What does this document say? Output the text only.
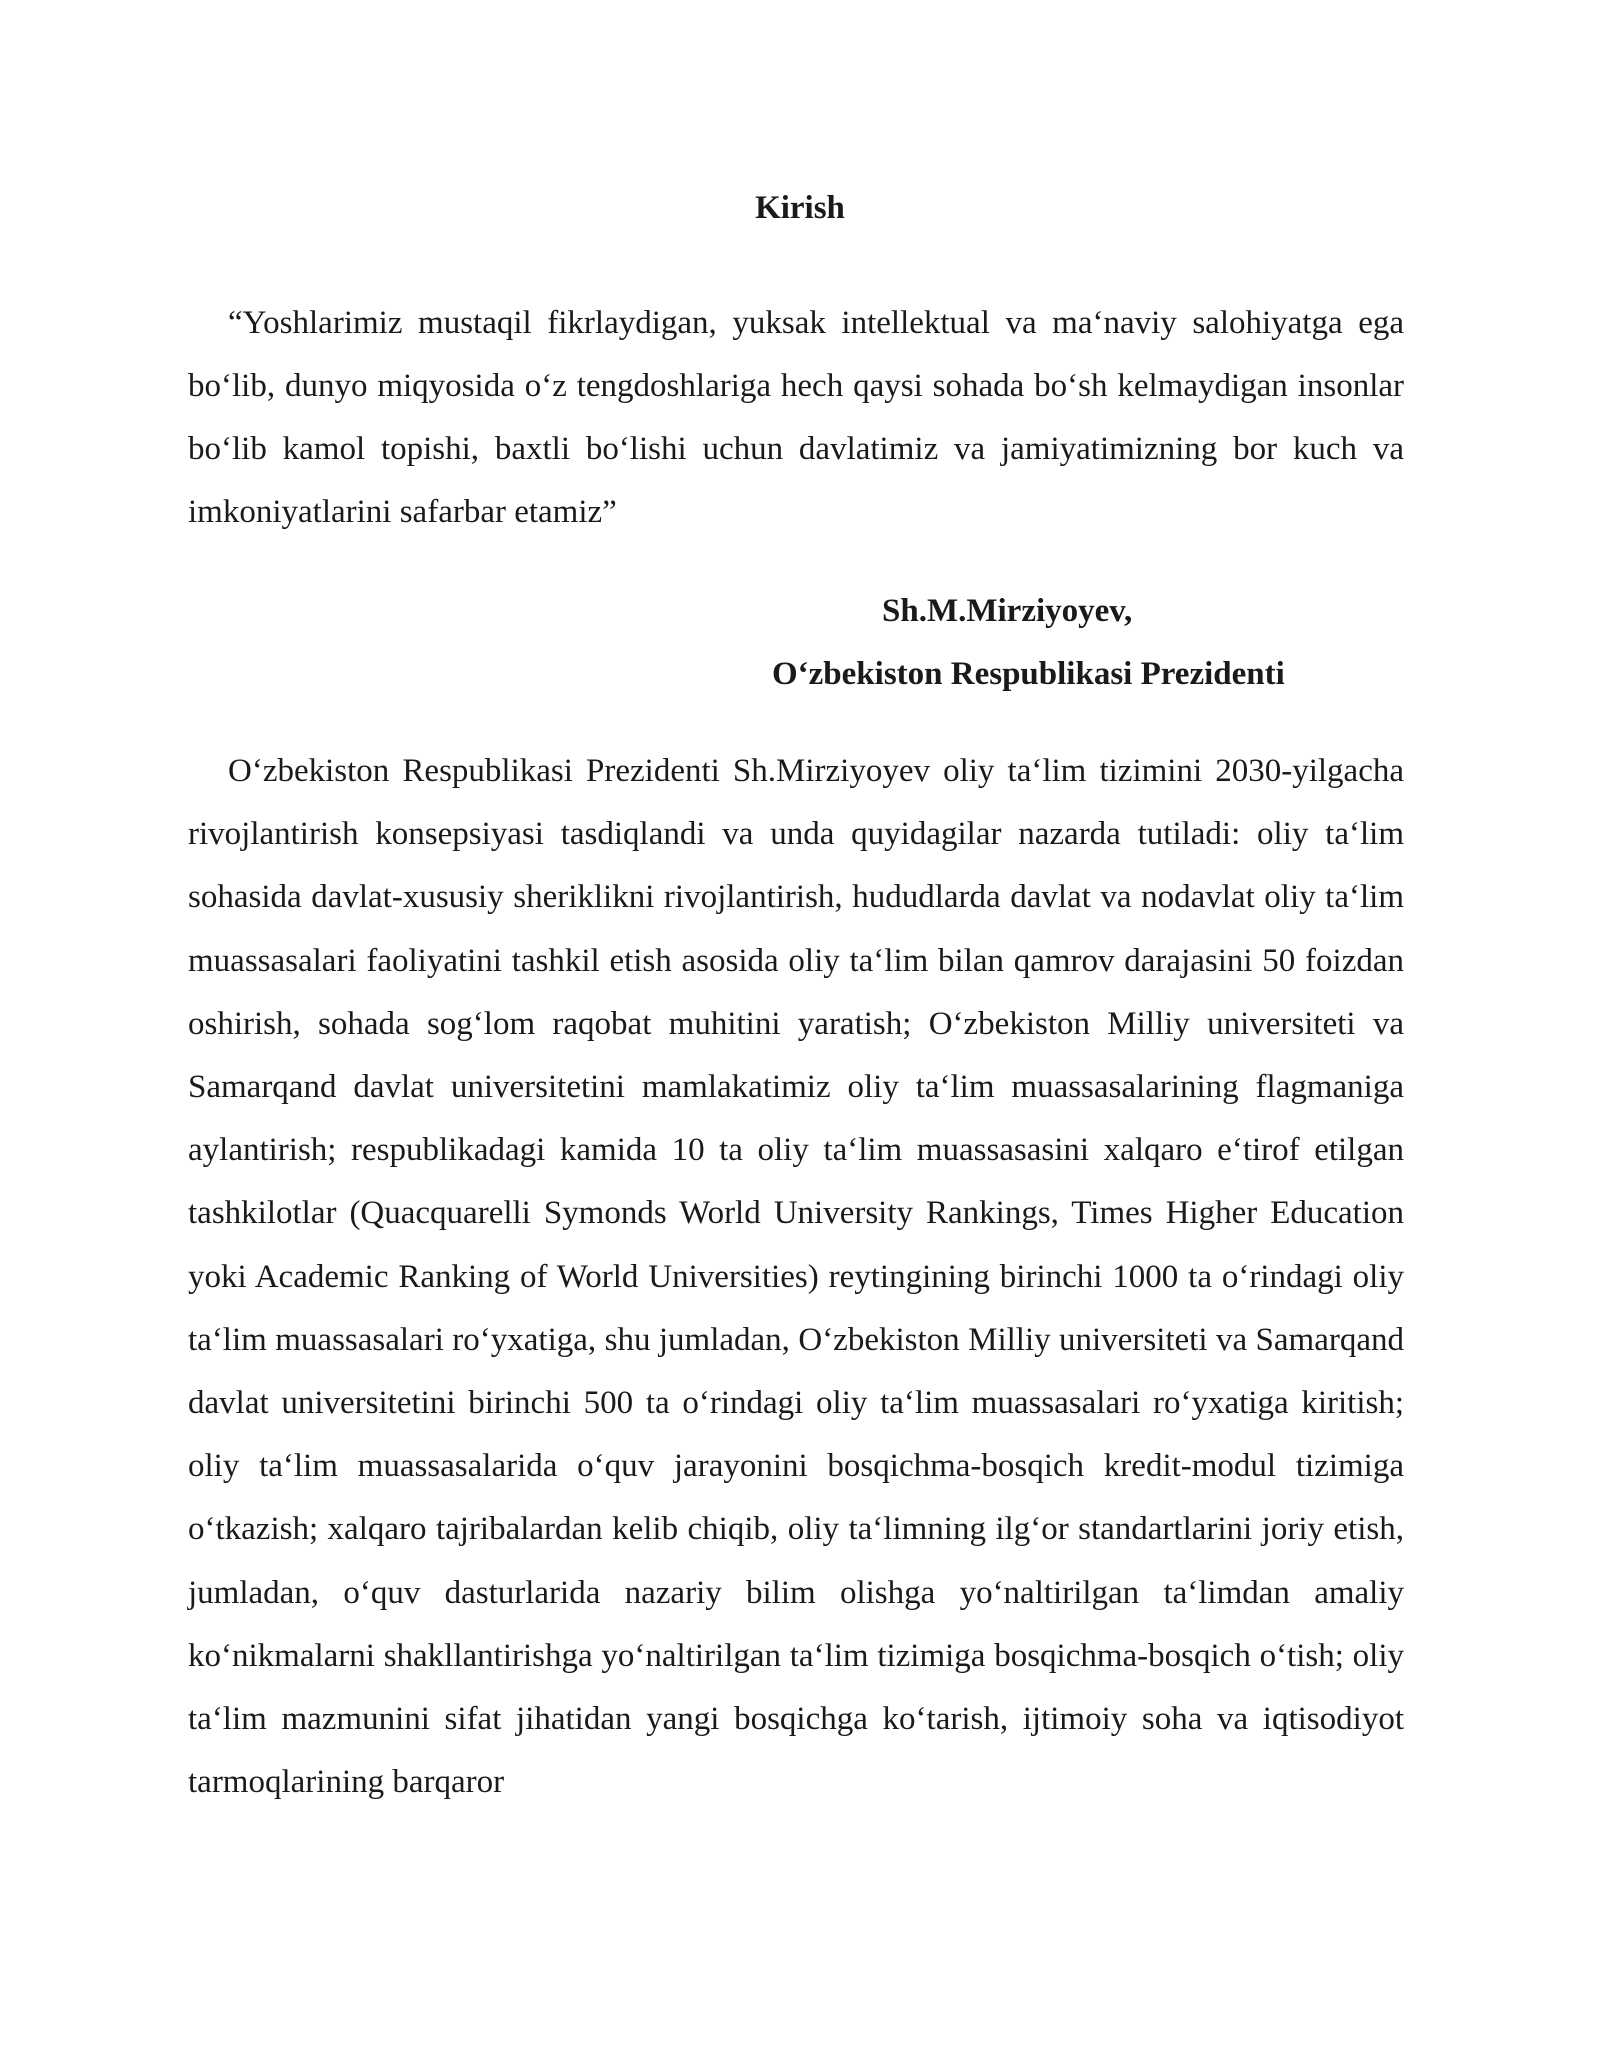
Kirish

“Yoshlarimiz mustaqil fikrlaydigan, yuksak intellektual va ma‘naviy salohiyatga ega bo‘lib, dunyo miqyosida o‘z tengdoshlariga hech qaysi sohada bo‘sh kelmaydigan insonlar bo‘lib kamol topishi, baxtli bo‘lishi uchun davlatimiz va jamiyatimizning bor kuch va imkoniyatlarini safarbar etamiz”

Sh.M.Mirziyoyev,
O‘zbekiston Respublikasi Prezidenti

O‘zbekiston Respublikasi Prezidenti Sh.Mirziyoyev oliy ta‘lim tizimini 2030-yilgacha rivojlantirish konsepsiyasi tasdiqlandi va unda quyidagilar nazarda tutiladi: oliy ta‘lim sohasida davlat-xususiy sheriklikni rivojlantirish, hududlarda davlat va nodavlat oliy ta‘lim muassasalari faoliyatini tashkil etish asosida oliy ta‘lim bilan qamrov darajasini 50 foizdan oshirish, sohada sog‘lom raqobat muhitini yaratish; O‘zbekiston Milliy universiteti va Samarqand davlat universitetini mamlakatimiz oliy ta‘lim muassasalarining flagmaniga aylantirish; respublikadagi kamida 10 ta oliy ta‘lim muassasasini xalqaro e‘tirof etilgan tashkilotlar (Quacquarelli Symonds World University Rankings, Times Higher Education yoki Academic Ranking of World Universities) reytingining birinchi 1000 ta o‘rindagi oliy ta‘lim muassasalari ro‘yxatiga, shu jumladan, O‘zbekiston Milliy universiteti va Samarqand davlat universitetini birinchi 500 ta o‘rindagi oliy ta‘lim muassasalari ro‘yxatiga kiritish; oliy ta‘lim muassasalarida o‘quv jarayonini bosqichma-bosqich kredit-modul tizimiga o‘tkazish; xalqaro tajribalardan kelib chiqib, oliy ta‘limning ilg‘or standartlarini joriy etish, jumladan, o‘quv dasturlarida nazariy bilim olishga yo‘naltirilgan ta‘limdan amaliy ko‘nikmalarni shakllantirishga yo‘naltirilgan ta‘lim tizimiga bosqichma-bosqich o‘tish; oliy ta‘lim mazmunini sifat jihatidan yangi bosqichga ko‘tarish, ijtimoiy soha va iqtisodiyot tarmoqlarining barqaror
